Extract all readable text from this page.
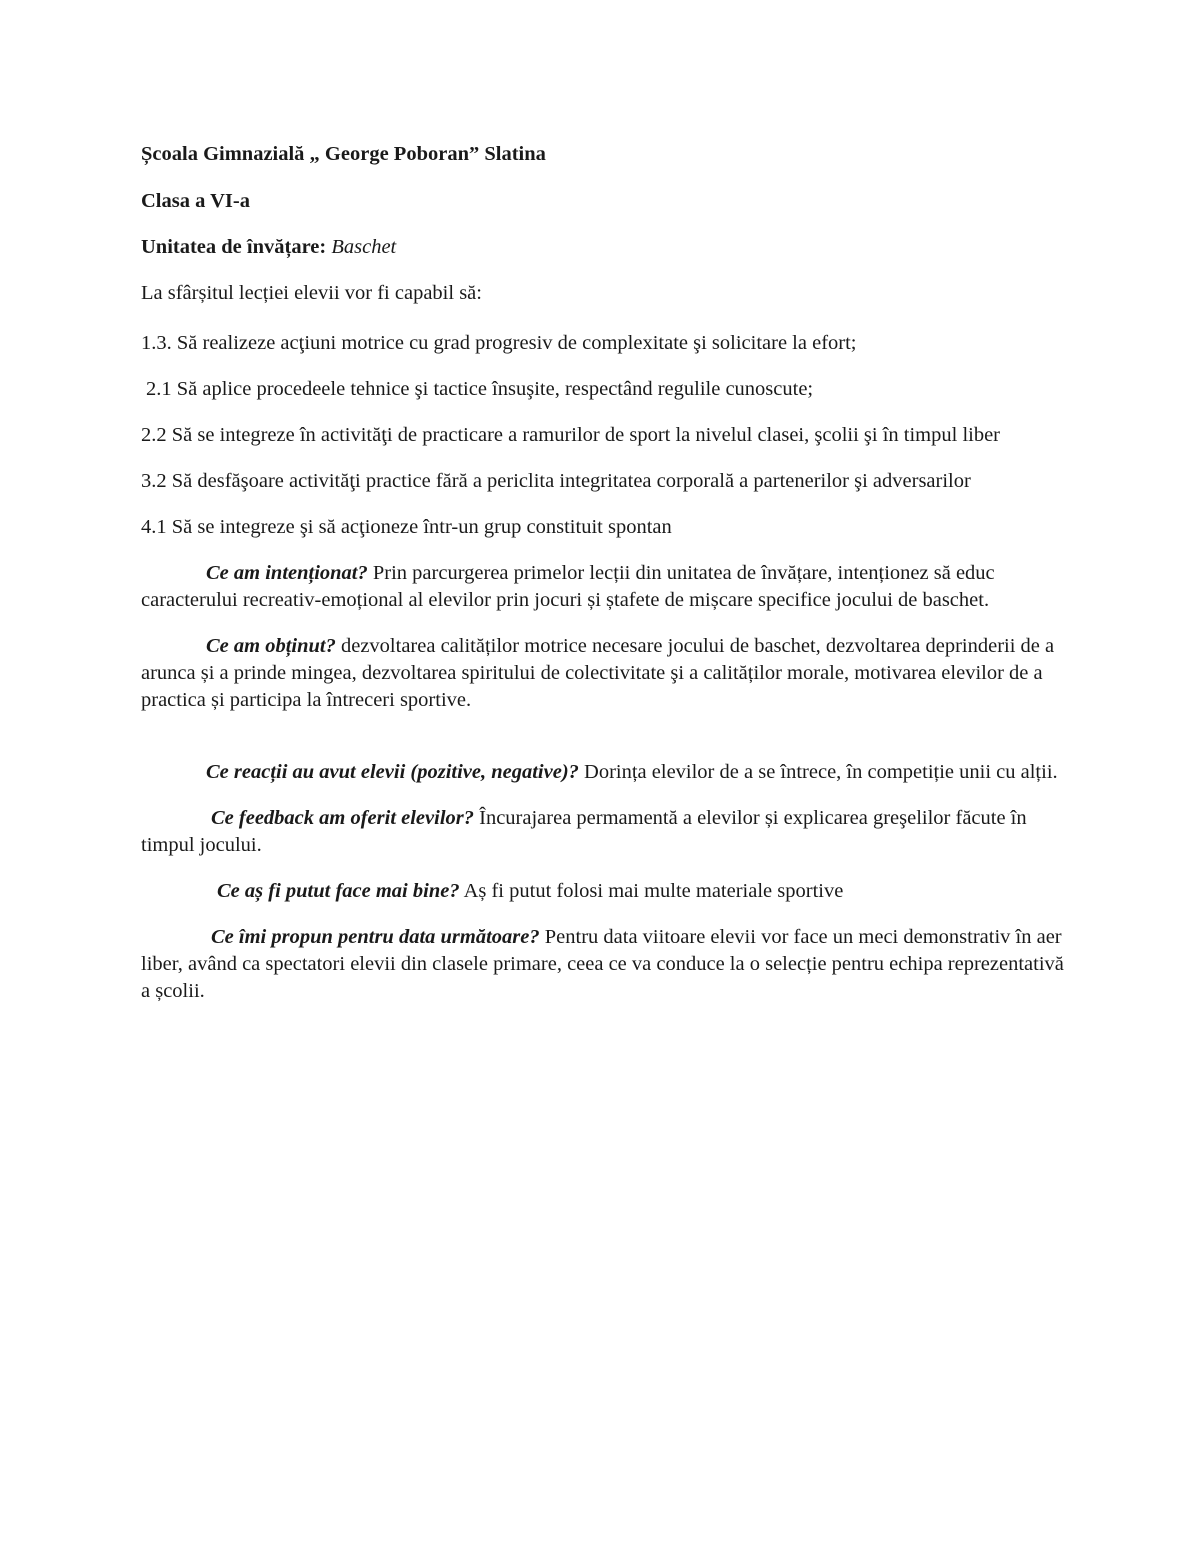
Școala Gimnazială „ George Poboran” Slatina

Clasa a VI-a

Unitatea de învățare: Baschet

La sfârșitul lecției elevii vor fi capabil să:

1.3. Să realizeze acţiuni motrice cu grad progresiv de complexitate şi solicitare la efort;

2.1 Să aplice procedeele tehnice şi tactice însuşite, respectând regulile cunoscute;

2.2 Să se integreze în activităţi de practicare a ramurilor de sport la nivelul clasei, şcolii şi în timpul liber

3.2 Să desfăşoare activităţi practice fără a periclita integritatea corporală a partenerilor şi adversarilor

4.1 Să se integreze şi să acţioneze într-un grup constituit spontan

Ce am intenționat? Prin parcurgerea primelor lecții din unitatea de învățare, intenționez să educ caracterului recreativ-emoțional al elevilor prin jocuri și ștafete de mișcare specifice jocului de baschet.

Ce am obținut? dezvoltarea calităților motrice necesare jocului de baschet, dezvoltarea deprinderii de a arunca și a prinde mingea, dezvoltarea spiritului de colectivitate şi a calităților morale, motivarea elevilor de a practica și participa la întreceri sportive.

Ce reacții au avut elevii (pozitive, negative)? Dorința elevilor de a se întrece, în competiție unii cu alții.

Ce feedback am oferit elevilor? Încurajarea permamentă a elevilor și explicarea greşelilor făcute în timpul jocului.

Ce aș fi putut face mai bine? Aș fi putut folosi mai multe materiale sportive

Ce îmi propun pentru data următoare? Pentru data viitoare elevii vor face un meci demonstrativ în aer liber, având ca spectatori elevii din clasele primare, ceea ce va conduce la o selecție pentru echipa reprezentativă a școlii.
